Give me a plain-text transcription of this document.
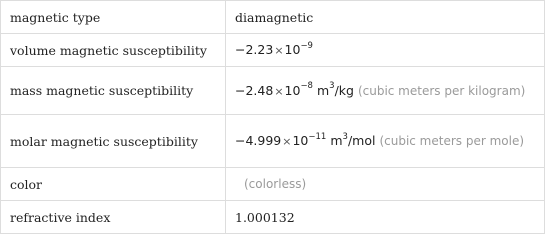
magnetic type	diamagnetic
volume magnetic susceptibility	$-2.23\times 10^{-9}$
mass magnetic susceptibility	$-2.48\times 10^{-8}$ $m^3/kg$ (cubic meters per kilogram)
molar magnetic susceptibility	$-4.999\times 10^{-11}$ $m^3$/mol (cubic meters per mole)
color	(colorless)
refractive index	1.000132
